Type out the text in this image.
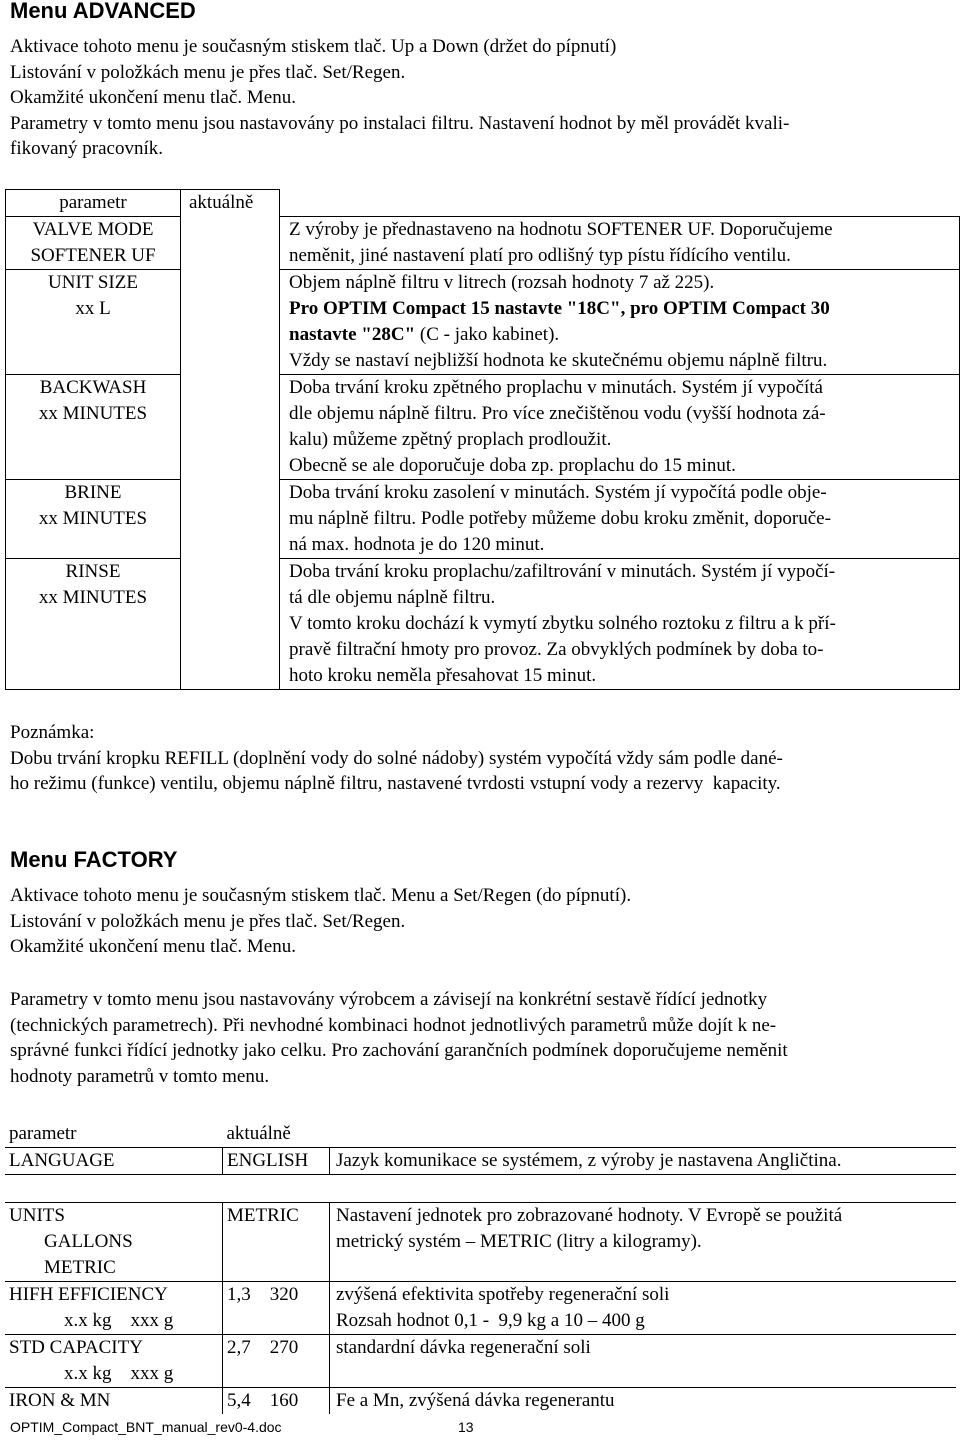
Menu ADVANCED
Aktivace tohoto menu je současným stiskem tlač. Up a Down (držet do pípnutí)
Listování v položkách menu je přes tlač. Set/Regen.
Okamžité ukončení menu tlač. Menu.
Parametry v tomto menu jsou nastavovány po instalaci filtru. Nastavení hodnot by měl provádět kvali-
fikovaný pracovník.
parametr	aktuálně	

VALVE MODE
SOFTENER UF		Z výroby je přednastaveno na hodnotu SOFTENER UF. Doporučujeme
neměnit, jiné nastavení platí pro odlišný typ pístu řídícího ventilu.

UNIT SIZE
xx L		Objem náplně filtru v litrech (rozsah hodnoty 7 až 225).
Pro OPTIM Compact 15 nastavte "18C", pro OPTIM Compact 30
nastavte "28C" (C - jako kabinet).
Vždy se nastaví nejbližší hodnota ke skutečnému objemu náplně filtru.

BACKWASH
xx MINUTES		Doba trvání kroku zpětného proplachu v minutách. Systém jí vypočítá
dle objemu náplně filtru. Pro více znečištěnou vodu (vyšší hodnota zá-
kalu) můžeme zpětný proplach prodloužit.
Obecně se ale doporučuje doba zp. proplachu do 15 minut.

BRINE
xx MINUTES		Doba trvání kroku zasolení v minutách. Systém jí vypočítá podle obje-
mu náplně filtru. Podle potřeby můžeme dobu kroku změnit, doporuče-
ná max. hodnota je do 120 minut.

RINSE
xx MINUTES		Doba trvání kroku proplachu/zafiltrování v minutách. Systém jí vypočí-
tá dle objemu náplně filtru.
V tomto kroku dochází k vymytí zbytku solného roztoku z filtru a k pří-
pravě filtrační hmoty pro provoz. Za obvyklých podmínek by doba to-
hoto kroku neměla přesahovat 15 minut.
Poznámka:
Dobu trvání kropku REFILL (doplnění vody do solné nádoby) systém vypočítá vždy sám podle dané-
ho režimu (funkce) ventilu, objemu náplně filtru, nastavené tvrdosti vstupní vody a rezervy  kapacity.
Menu FACTORY
Aktivace tohoto menu je současným stiskem tlač. Menu a Set/Regen (do pípnutí).
Listování v položkách menu je přes tlač. Set/Regen.
Okamžité ukončení menu tlač. Menu.
Parametry v tomto menu jsou nastavovány výrobcem a závisejí na konkrétní sestavě řídící jednotky
(technických parametrech). Při nevhodné kombinaci hodnot jednotlivých parametrů může dojít k ne-
správné funkci řídící jednotky jako celku. Pro zachování garančních podmínek doporučujeme neměnit
hodnoty parametrů v tomto menu.
parametr	aktuálně	
LANGUAGE	ENGLISH	Jazyk komunikace se systémem, z výroby je nastavena Angličtina.

UNITS
GALLONS
METRIC	METRIC	Nastavení jednotek pro zobrazované hodnoty. V Evropě se použitá
metrický systém – METRIC (litry a kilogramy).

HIFH EFFICIENCY
x.x kg    xxx g	1,3    320	zvýšená efektivita spotřeby regenerační soli
Rozsah hodnot 0,1 -  9,9 kg a 10 – 400 g

STD CAPACITY
x.x kg    xxx g	2,7    270	standardní dávka regenerační soli
IRON & MN	5,4    160	Fe a Mn, zvýšená dávka regenerantu
OPTIM_Compact_BNT_manual_rev0-4.doc	13
